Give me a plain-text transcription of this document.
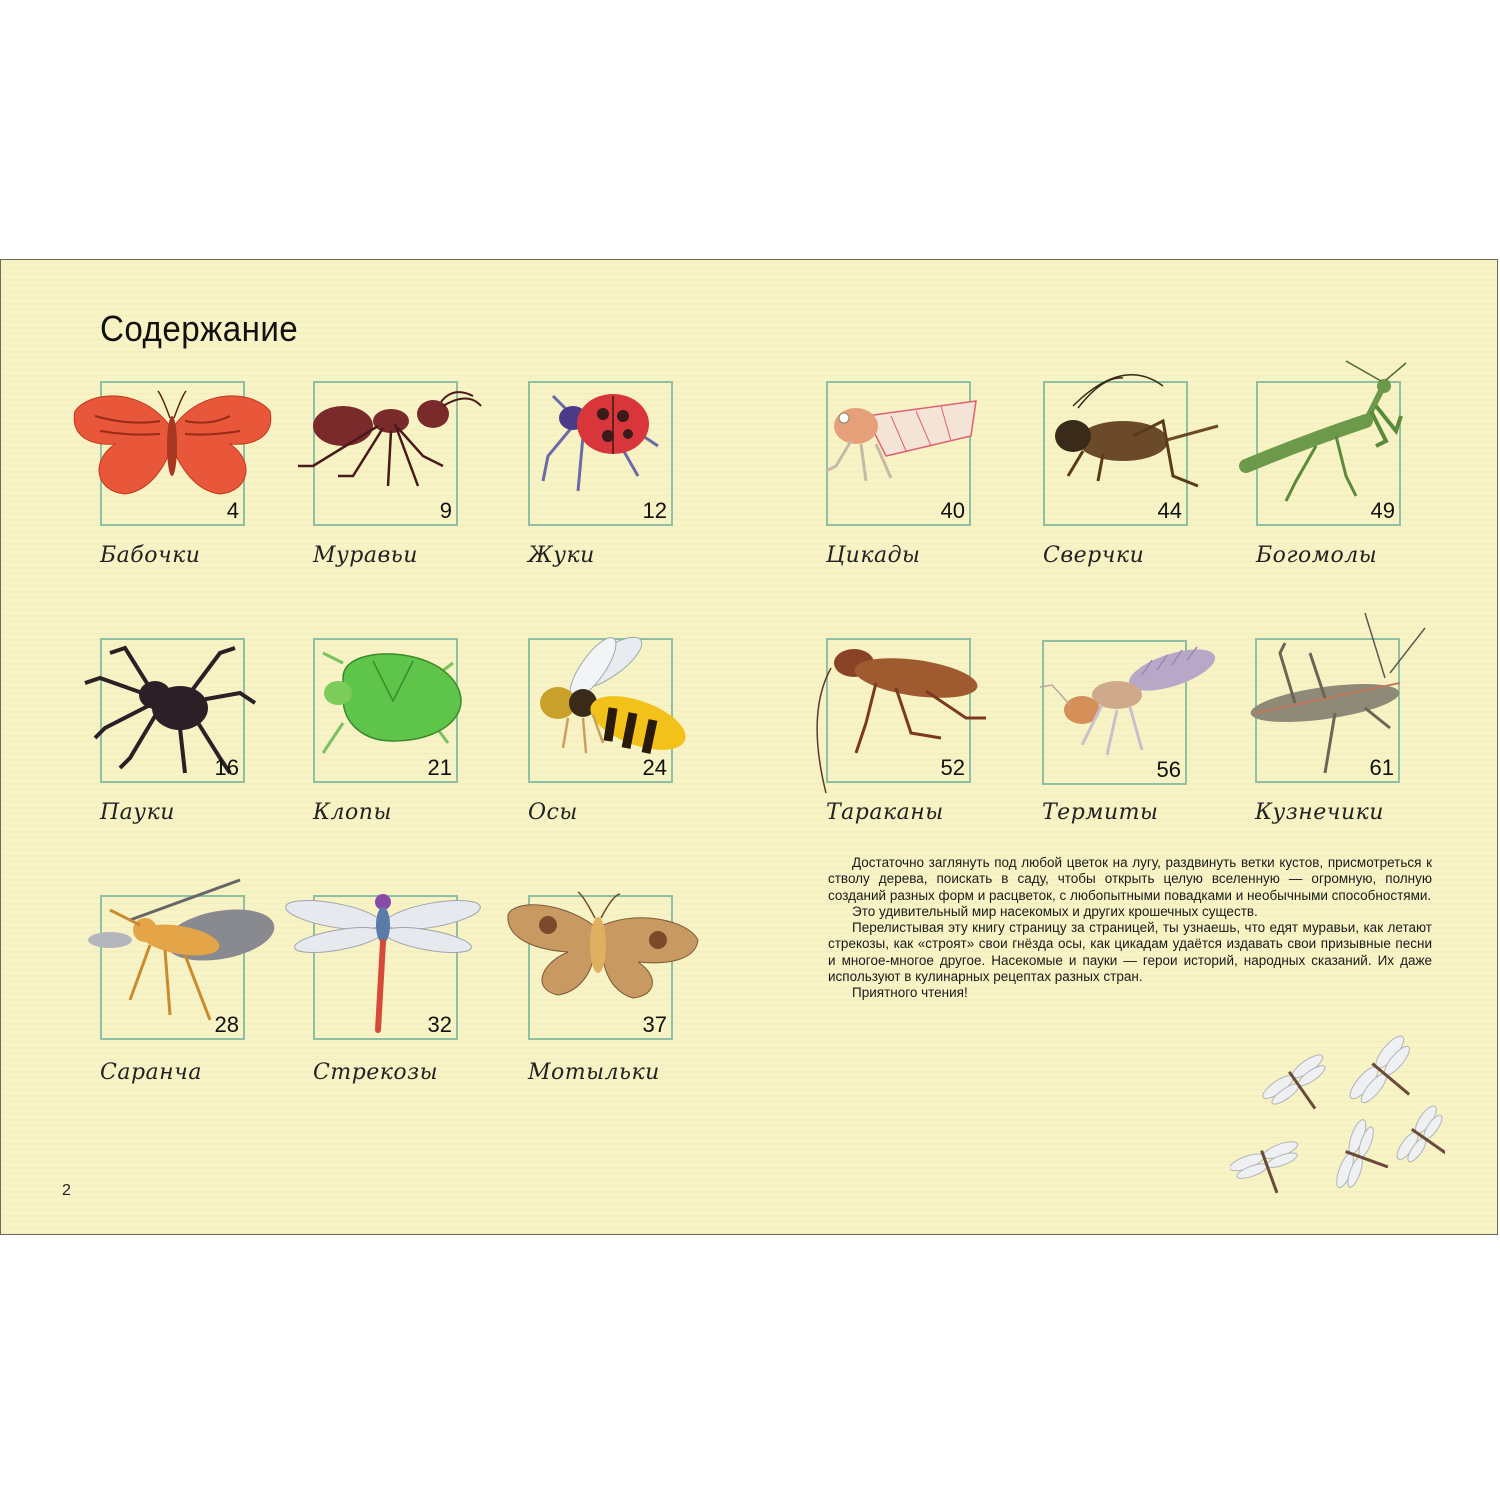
Содержание
4
Бабочки
9
Муравьи
12
Жуки
16
Пауки
21
Клопы
24
Осы
28
Саранча
32
Стрекозы
37
Мотыльки
40
Цикады
44
Сверчки
49
Богомолы
52
Тараканы
56
Термиты
61
Кузнечики

Достаточно заглянуть под любой цветок на лугу, раздвинуть ветки кустов, присмотреться к стволу дерева, поискать в саду, чтобы открыть целую вселенную — огромную, полную созданий разных форм и расцветок, с любопытными повадками и необычными способностями.

Это удивительный мир насекомых и других крошечных существ.

Перелистывая эту книгу страницу за страницей, ты узнаешь, что едят муравьи, как летают стрекозы, как «строят» свои гнёзда осы, как цикадам удаётся издавать свои призывные песни и многое-многое другое. Насекомые и пауки — герои историй, народных сказаний. Их даже используют в кулинарных рецептах разных стран.

Приятного чтения!

2
